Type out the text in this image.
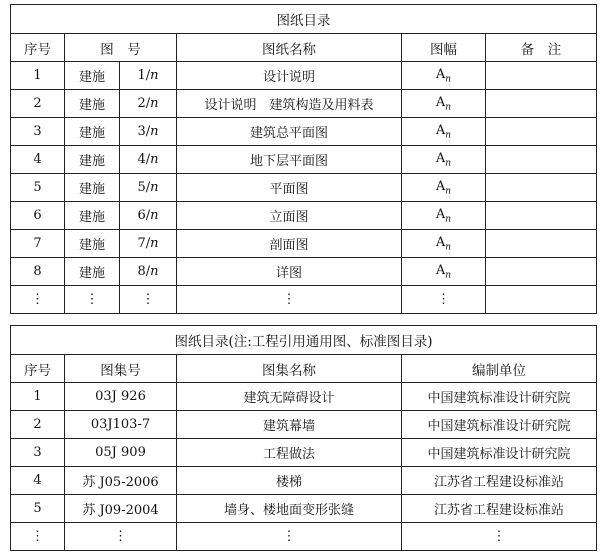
图纸目录					
序号	图　号		图纸名称	图幅	备　注
1	建施	1/n	设计说明	$A_n$	
2	建施	2/n	设计说明　建筑构造及用料表	$A_n$	
3	建施	3/n	建筑总平面图	$A_n$	
4	建施	4/n	地下层平面图	$A_n$	
5	建施	5/n	平面图	$A_n$	
6	建施	6/n	立面图	$A_n$	
7	建施	7/n	剖面图	$A_n$	
8	建施	8/n	详图	$A_n$	
⋮	⋮	⋮	⋮	⋮	
图纸目录(注:工程引用通用图、标准图目录)			
序号	图集号	图集名称	编制单位
1	03J 926	建筑无障碍设计	中国建筑标准设计研究院
2	03J103-7	建筑幕墙	中国建筑标准设计研究院
3	05J 909	工程做法	中国建筑标准设计研究院
4	苏 J05-2006	楼梯	江苏省工程建设标准站
5	苏 J09-2004	墙身、楼地面变形张缝	江苏省工程建设标准站
⋮	⋮	⋮	⋮
